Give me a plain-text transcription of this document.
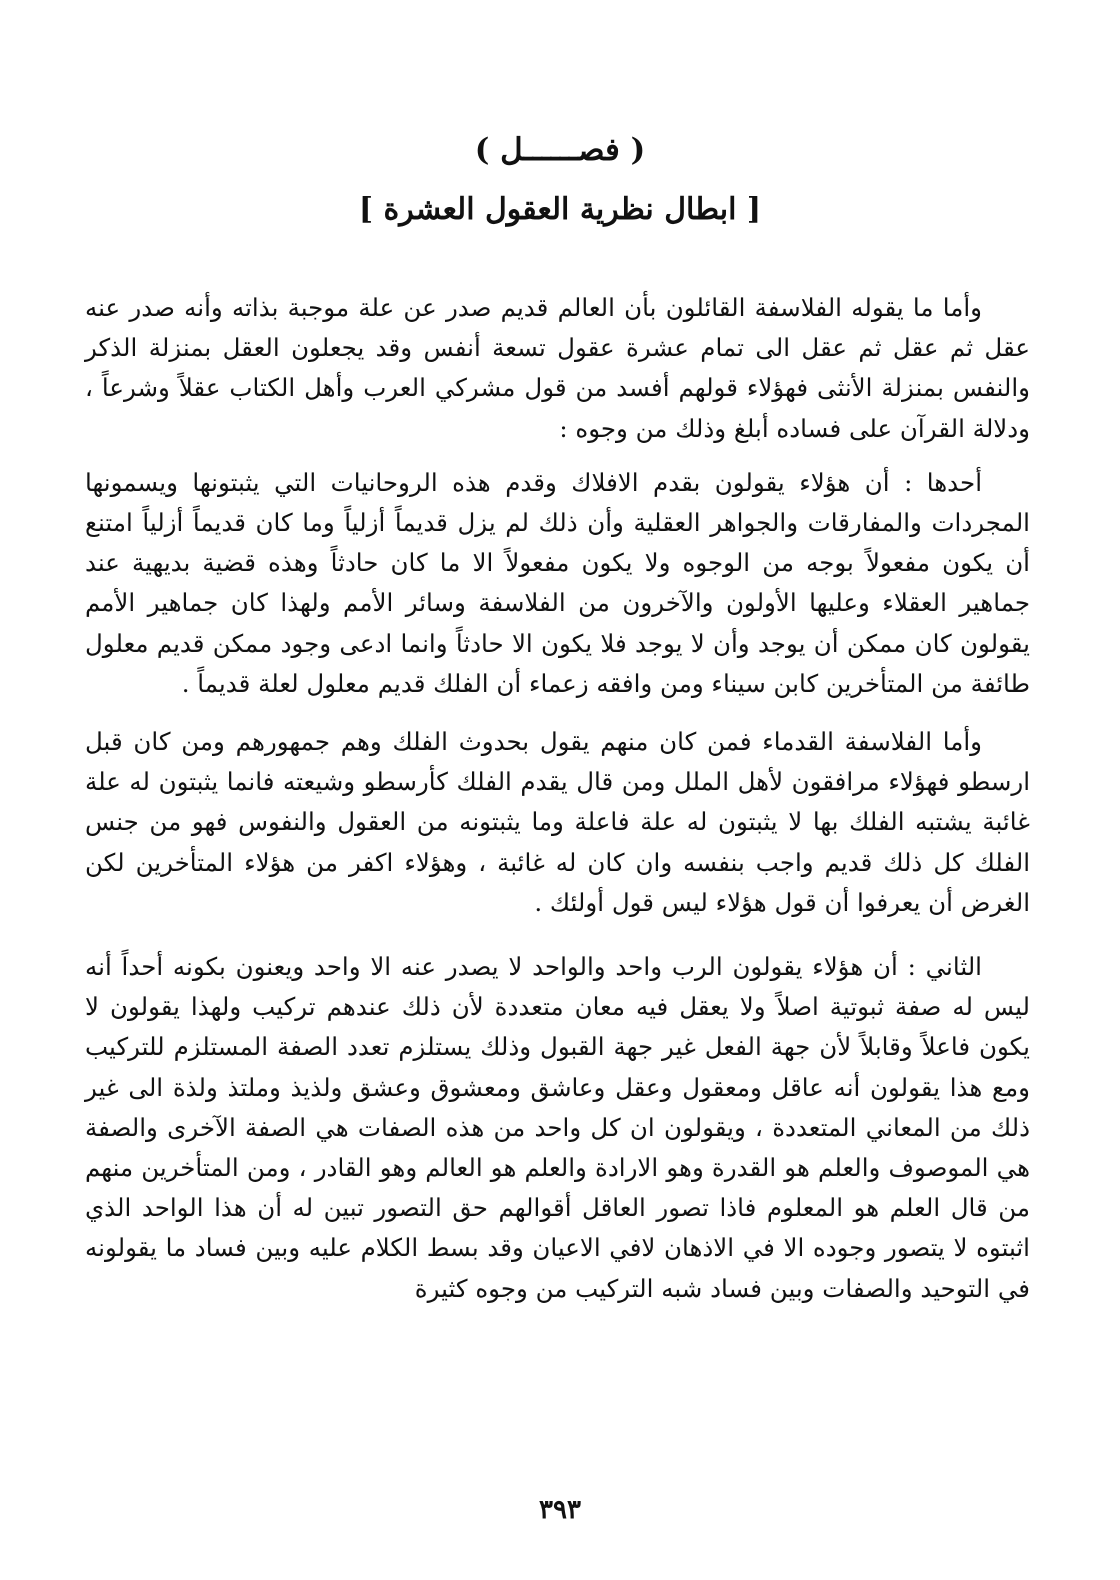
( فصــــــل )
[ ابطال نظرية العقول العشرة ]

وأما ما يقوله الفلاسفة القائلون بأن العالم قديم صدر عن علة موجبة بذاته وأنه صدر عنه عقل ثم عقل ثم عقل الى تمام عشرة عقول تسعة أنفس وقد يجعلون العقل بمنزلة الذكر والنفس بمنزلة الأنثى فهؤلاء قولهم أفسد من قول مشركي العرب وأهل الكتاب عقلاً وشرعاً ، ودلالة القرآن على فساده أبلغ وذلك من وجوه :

أحدها : أن هؤلاء يقولون بقدم الافلاك وقدم هذه الروحانيات التي يثبتونها ويسمونها المجردات والمفارقات والجواهر العقلية وأن ذلك لم يزل قديماً أزلياً وما كان قديماً أزلياً امتنع أن يكون مفعولاً بوجه من الوجوه ولا يكون مفعولاً الا ما كان حادثاً وهذه قضية بديهية عند جماهير العقلاء وعليها الأولون والآخرون من الفلاسفة وسائر الأمم ولهذا كان جماهير الأمم يقولون كان ممكن أن يوجد وأن لا يوجد فلا يكون الا حادثاً وانما ادعى وجود ممكن قديم معلول طائفة من المتأخرين كابن سيناء ومن وافقه زعماء أن الفلك قديم معلول لعلة قديماً .

وأما الفلاسفة القدماء فمن كان منهم يقول بحدوث الفلك وهم جمهورهم ومن كان قبل ارسطو فهؤلاء مرافقون لأهل الملل ومن قال يقدم الفلك كأرسطو وشيعته فانما يثبتون له علة غائبة يشتبه الفلك بها لا يثبتون له علة فاعلة وما يثبتونه من العقول والنفوس فهو من جنس الفلك كل ذلك قديم واجب بنفسه وان كان له غائبة ، وهؤلاء اكفر من هؤلاء المتأخرين لكن الغرض أن يعرفوا أن قول هؤلاء ليس قول أولئك .

الثاني : أن هؤلاء يقولون الرب واحد والواحد لا يصدر عنه الا واحد ويعنون بكونه أحداً أنه ليس له صفة ثبوتية اصلاً ولا يعقل فيه معان متعددة لأن ذلك عندهم تركيب ولهذا يقولون لا يكون فاعلاً وقابلاً لأن جهة الفعل غير جهة القبول وذلك يستلزم تعدد الصفة المستلزم للتركيب ومع هذا يقولون أنه عاقل ومعقول وعقل وعاشق ومعشوق وعشق ولذيذ وملتذ ولذة الى غير ذلك من المعاني المتعددة ، ويقولون ان كل واحد من هذه الصفات هي الصفة الآخرى والصفة هي الموصوف والعلم هو القدرة وهو الارادة والعلم هو العالم وهو القادر ، ومن المتأخرين منهم من قال العلم هو المعلوم فاذا تصور العاقل أقوالهم حق التصور تبين له أن هذا الواحد الذي اثبتوه لا يتصور وجوده الا في الاذهان لافي الاعيان وقد بسط الكلام عليه وبين فساد ما يقولونه في التوحيد والصفات وبين فساد شبه التركيب من وجوه كثيرة

٣٩٣
